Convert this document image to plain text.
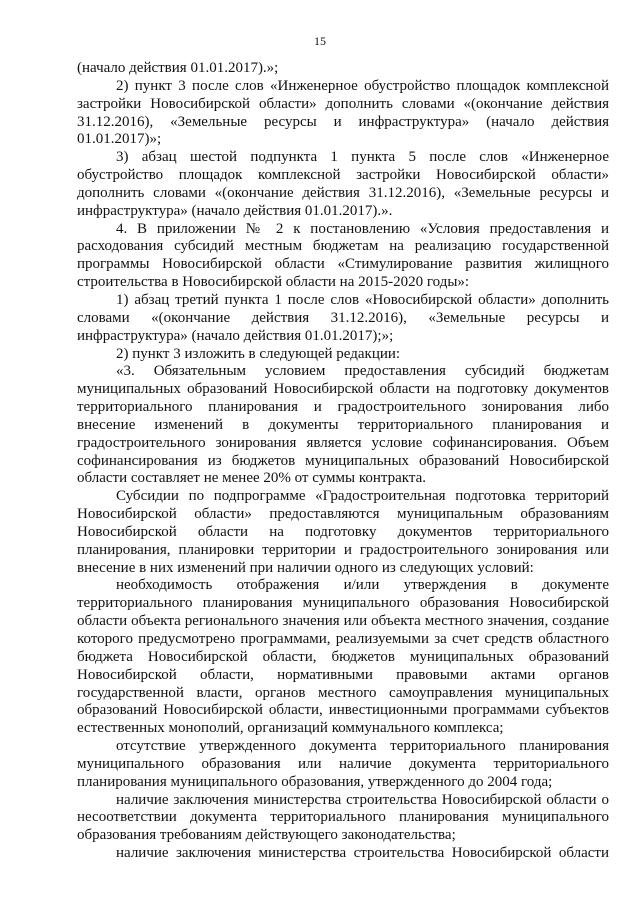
15

(начало действия 01.01.2017).»;

2) пункт 3 после слов «Инженерное обустройство площадок комплексной застройки Новосибирской области» дополнить словами «(окончание действия 31.12.2016), «Земельные ресурсы и инфраструктура» (начало действия 01.01.2017)»;

3) абзац шестой подпункта 1 пункта 5 после слов «Инженерное обустройство площадок комплексной застройки Новосибирской области» дополнить словами «(окончание действия 31.12.2016), «Земельные ресурсы и инфраструктура» (начало действия 01.01.2017).».

4. В приложении № 2 к постановлению «Условия предоставления и расходования субсидий местным бюджетам на реализацию государственной программы Новосибирской области «Стимулирование развития жилищного строительства в Новосибирской области на 2015-2020 годы»:

1) абзац третий пункта 1 после слов «Новосибирской области» дополнить словами «(окончание действия 31.12.2016), «Земельные ресурсы и инфраструктура» (начало действия 01.01.2017);»;

2) пункт 3 изложить в следующей редакции:

«3. Обязательным условием предоставления субсидий бюджетам муниципальных образований Новосибирской области на подготовку документов территориального планирования и градостроительного зонирования либо внесение изменений в документы территориального планирования и градостроительного зонирования является условие софинансирования. Объем софинансирования из бюджетов муниципальных образований Новосибирской области составляет не менее 20% от суммы контракта.

Субсидии по подпрограмме «Градостроительная подготовка территорий Новосибирской области» предоставляются муниципальным образованиям Новосибирской области на подготовку документов территориального планирования, планировки территории и градостроительного зонирования или внесение в них изменений при наличии одного из следующих условий:

необходимость отображения и/или утверждения в документе территориального планирования муниципального образования Новосибирской области объекта регионального значения или объекта местного значения, создание которого предусмотрено программами, реализуемыми за счет средств областного бюджета Новосибирской области, бюджетов муниципальных образований Новосибирской области, нормативными правовыми актами органов государственной власти, органов местного самоуправления муниципальных образований Новосибирской области, инвестиционными программами субъектов естественных монополий, организаций коммунального комплекса;

отсутствие утвержденного документа территориального планирования муниципального образования или наличие документа территориального планирования муниципального образования, утвержденного до 2004 года;

наличие заключения министерства строительства Новосибирской области о несоответствии документа территориального планирования муниципального образования требованиям действующего законодательства;

наличие заключения министерства строительства Новосибирской области
